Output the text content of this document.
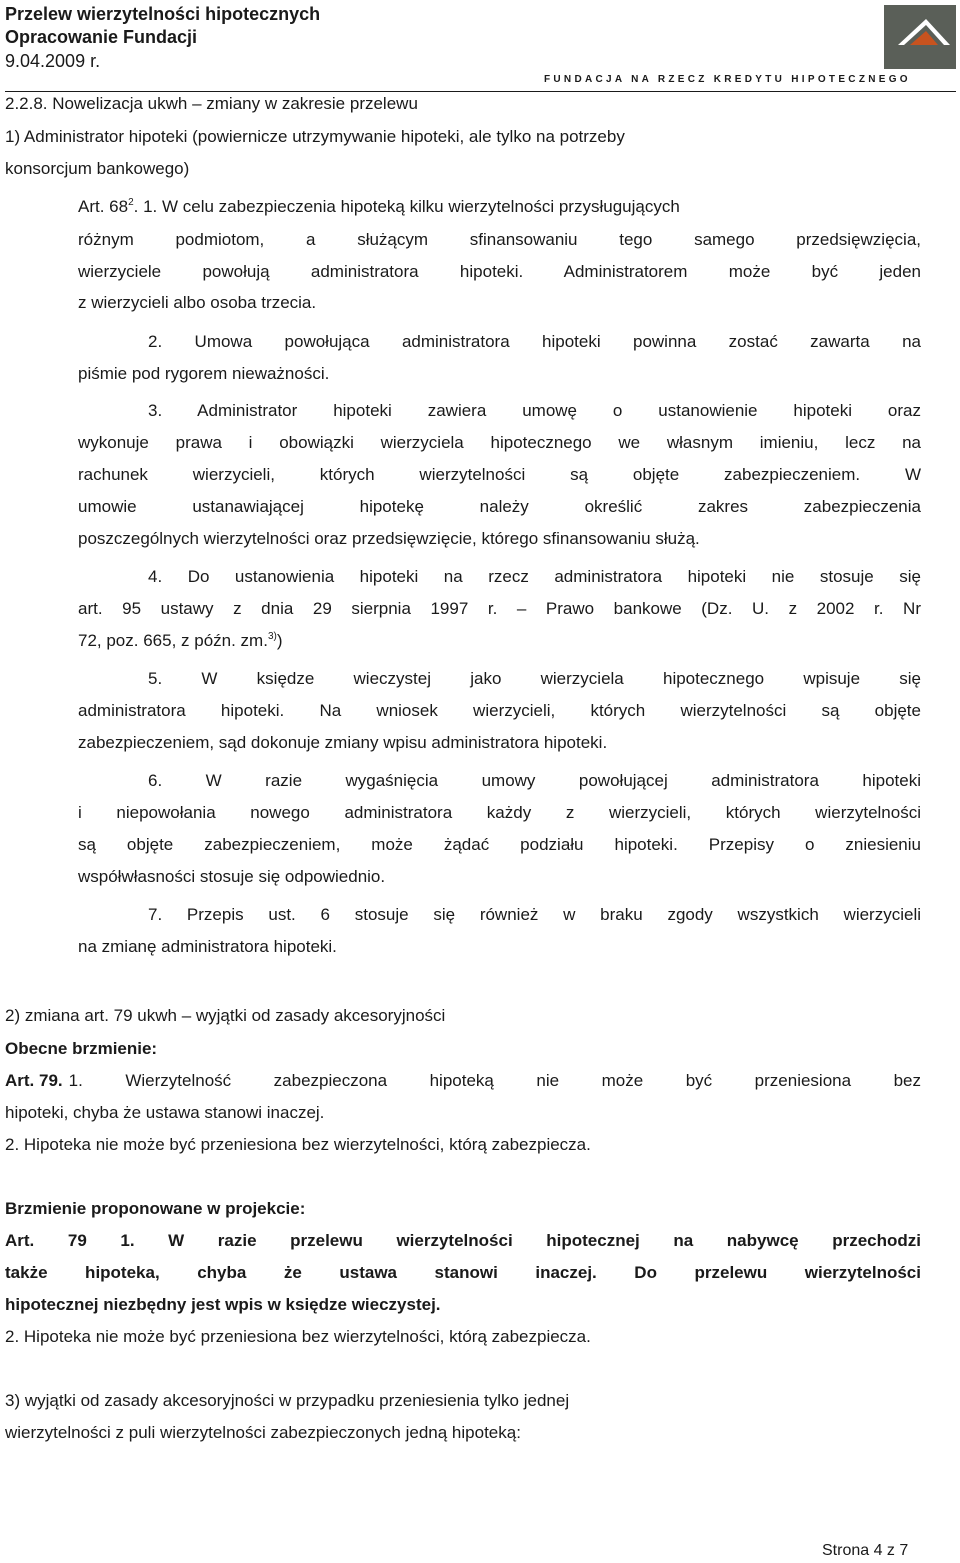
Przelew wierzytelności hipotecznych
Opracowanie Fundacji
9.04.2009 r.
FUNDACJA NA RZECZ KREDYTU HIPOTECZNEGO
2.2.8. Nowelizacja ukwh – zmiany w zakresie przelewu
1) Administrator hipoteki (powiernicze utrzymywanie hipoteki, ale tylko na potrzeby
konsorcjum bankowego)
Art. $68^2$. 1. W celu zabezpieczenia hipoteką kilku wierzytelności przysługujących
różnym podmiotom, a służącym sfinansowaniu tego samego przedsięwzięcia,
wierzyciele powołują administratora hipoteki. Administratorem może być jeden
z wierzycieli albo osoba trzecia.
2. Umowa powołująca administratora hipoteki powinna zostać zawarta na
piśmie pod rygorem nieważności.
3. Administrator hipoteki zawiera umowę o ustanowienie hipoteki oraz
wykonuje prawa i obowiązki wierzyciela hipotecznego we własnym imieniu, lecz na
rachunek wierzycieli, których wierzytelności są objęte zabezpieczeniem. W
umowie ustanawiającej hipotekę należy określić zakres zabezpieczenia
poszczególnych wierzytelności oraz przedsięwzięcie, którego sfinansowaniu służą.
4. Do ustanowienia hipoteki na rzecz administratora hipoteki nie stosuje się
art. 95 ustawy z dnia 29 sierpnia 1997 r. – Prawo bankowe (Dz. U. z 2002 r. Nr
72, poz. 665, z późn. zm.$^{3)}$)
5. W księdze wieczystej jako wierzyciela hipotecznego wpisuje się
administratora hipoteki. Na wniosek wierzycieli, których wierzytelności są objęte
zabezpieczeniem, sąd dokonuje zmiany wpisu administratora hipoteki.
6. W razie wygaśnięcia umowy powołującej administratora hipoteki
i niepowołania nowego administratora każdy z wierzycieli, których wierzytelności
są objęte zabezpieczeniem, może żądać podziału hipoteki. Przepisy o zniesieniu
współwłasności stosuje się odpowiednio.
7. Przepis ust. 6 stosuje się również w braku zgody wszystkich wierzycieli
na zmianę administratora hipoteki.
2) zmiana art. 79 ukwh – wyjątki od zasady akcesoryjności
Obecne brzmienie:
Art. 79. 1. Wierzytelność zabezpieczona hipoteką nie może być przeniesiona bez
hipoteki, chyba że ustawa stanowi inaczej.
2. Hipoteka nie może być przeniesiona bez wierzytelności, którą zabezpiecza.
Brzmienie proponowane w projekcie:
Art. 79 1. W razie przelewu wierzytelności hipotecznej na nabywcę przechodzi
także hipoteka, chyba że ustawa stanowi inaczej. Do przelewu wierzytelności
hipotecznej niezbędny jest wpis w księdze wieczystej.
2. Hipoteka nie może być przeniesiona bez wierzytelności, którą zabezpiecza.
3) wyjątki od zasady akcesoryjności w przypadku przeniesienia tylko jednej
wierzytelności z puli wierzytelności zabezpieczonych jedną hipoteką:
Strona 4 z 7
